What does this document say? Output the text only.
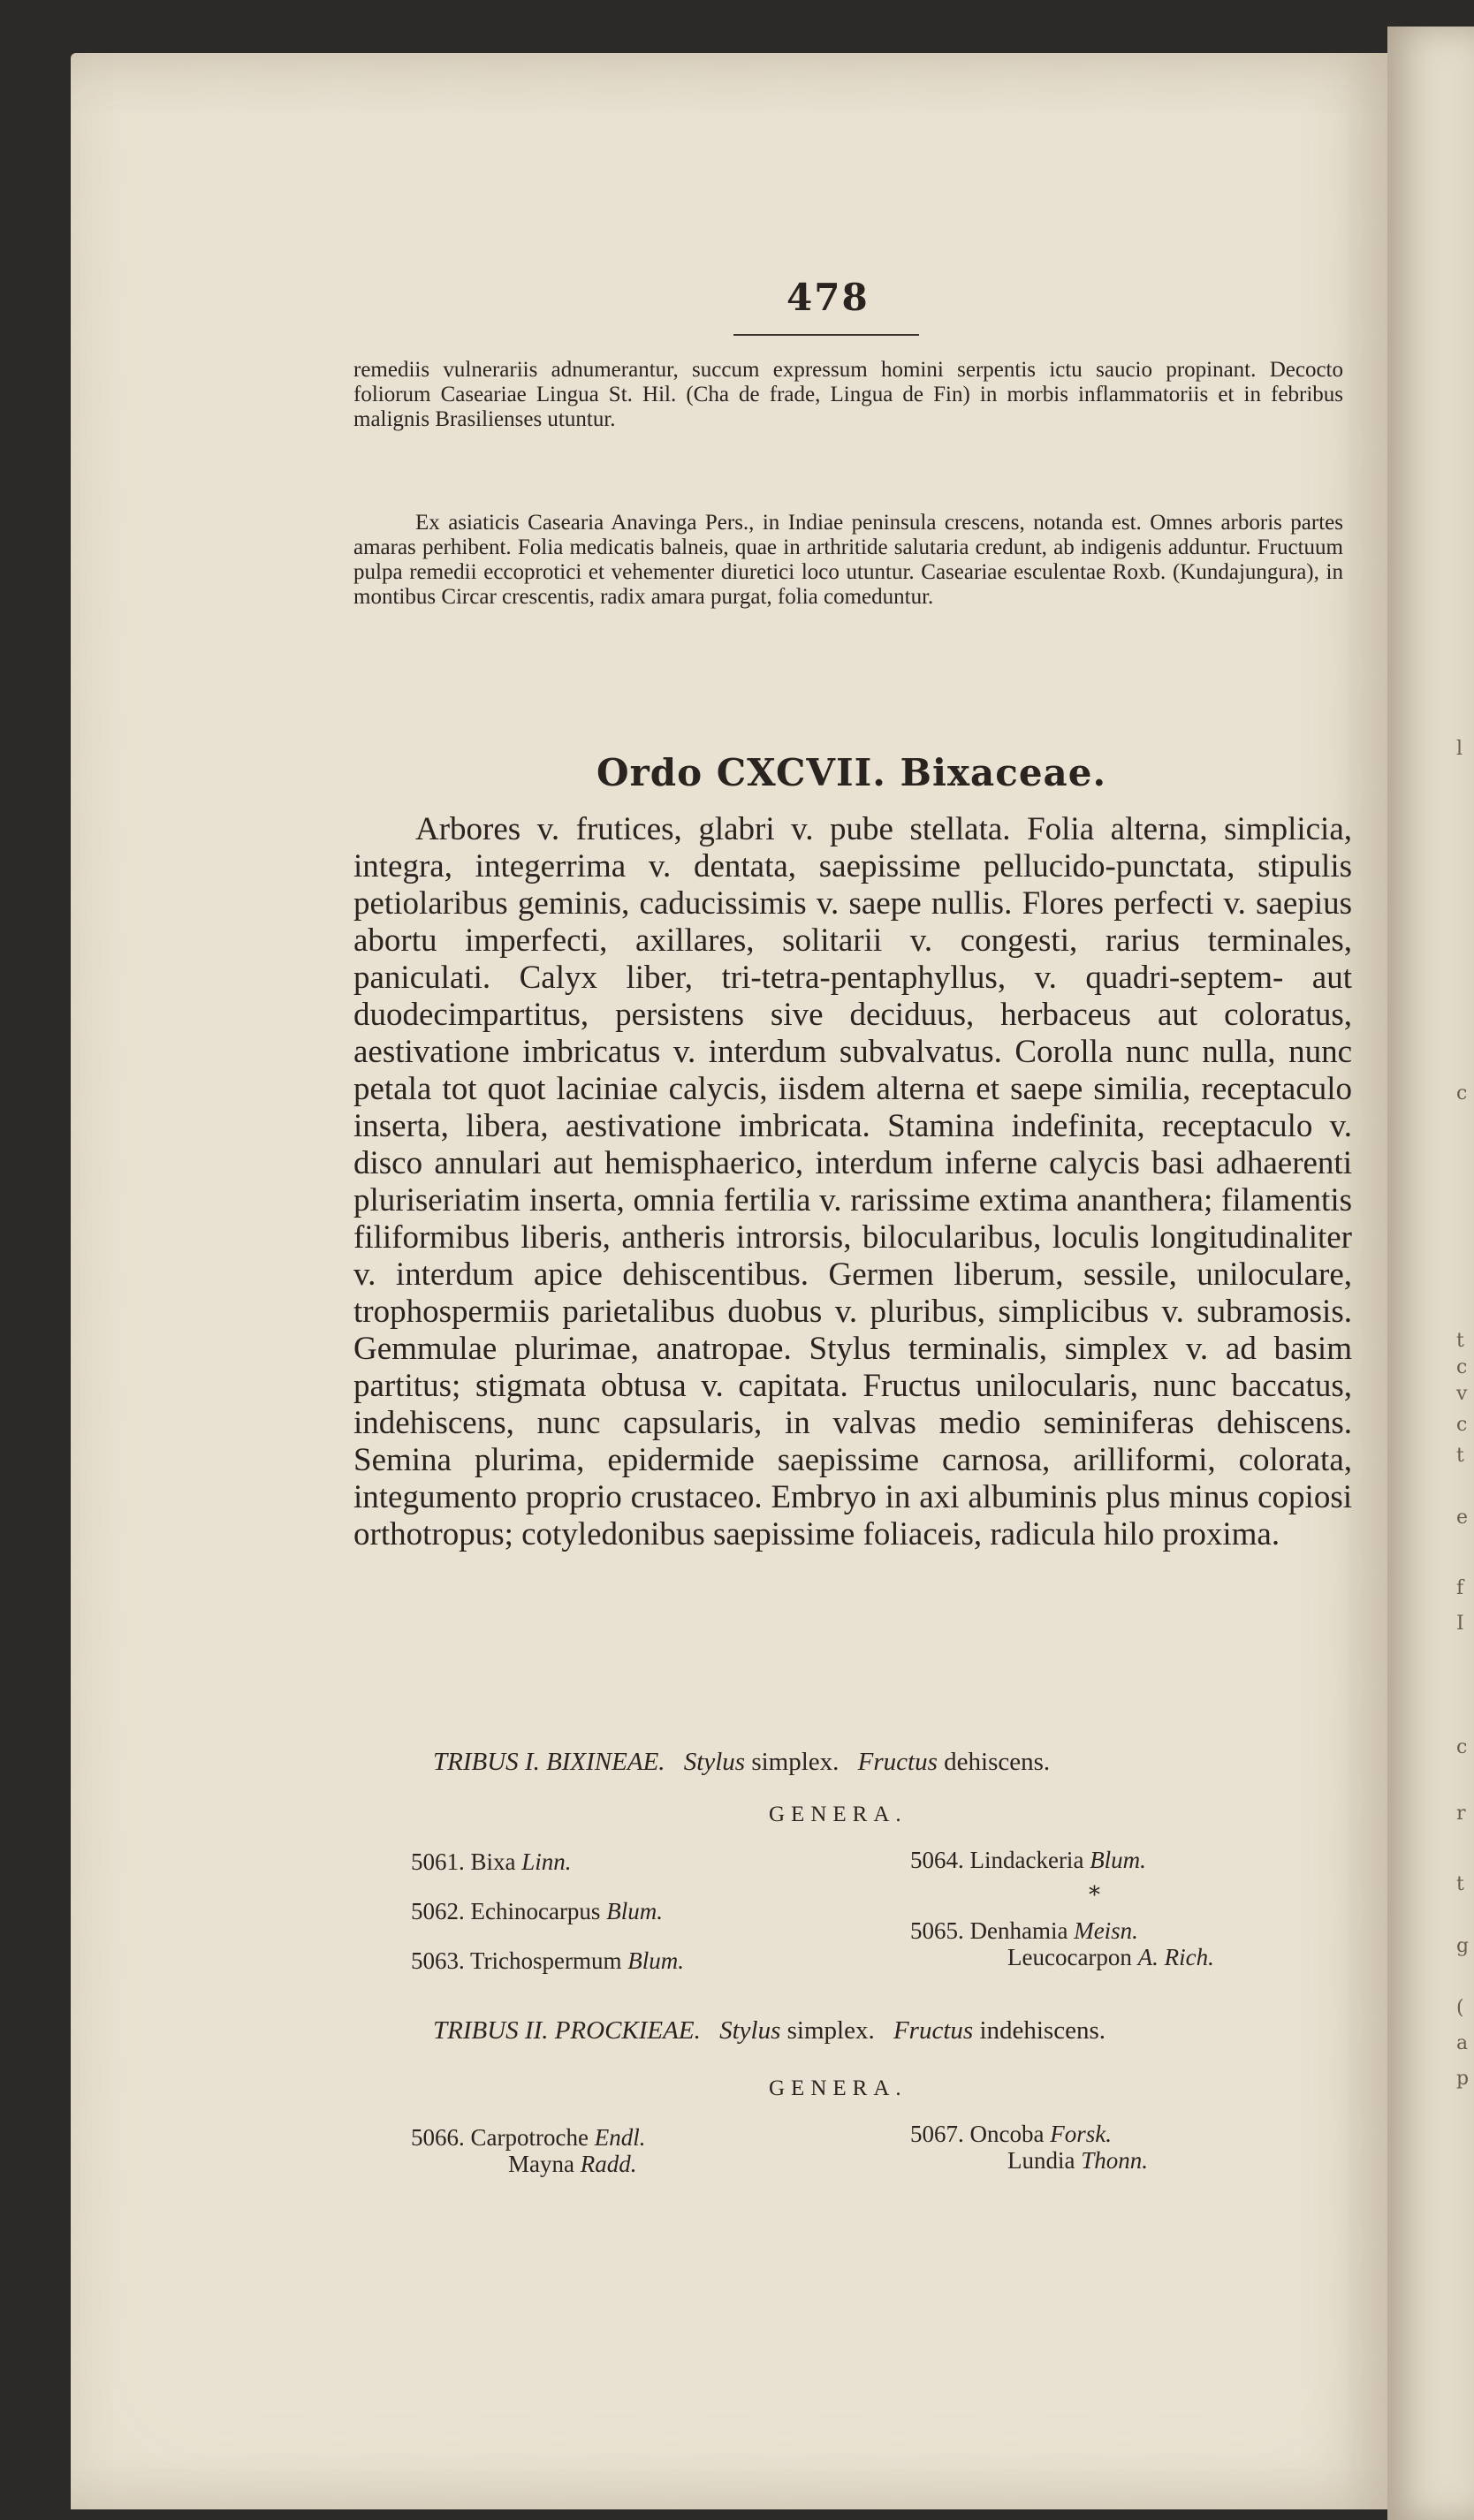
l
c
t
c
v
c
t
e
f
I
c
r
t
g
(
a
p
478

remediis vulnerariis adnumerantur, succum expressum homini serpentis ictu saucio propinant. Decocto foliorum Caseariae Lingua St. Hil. (Cha de frade, Lingua de Fin) in morbis inflammatoriis et in febribus malignis Brasilienses utuntur.

Ex asiaticis Casearia Anavinga Pers., in Indiae peninsula crescens, notanda est. Omnes arboris partes amaras perhibent. Folia medicatis balneis, quae in arthritide salutaria credunt, ab indigenis adduntur. Fructuum pulpa remedii eccoprotici et vehementer diuretici loco utuntur. Caseariae esculentae Roxb. (Kundajungura), in montibus Circar crescentis, radix amara purgat, folia comeduntur.

Ordo CXCVII. Bixaceae.

Arbores v. frutices, glabri v. pube stellata. Folia alterna, simplicia, integra, integerrima v. dentata, saepissime pellucido-punctata, stipulis petiolaribus geminis, caducissimis v. saepe nullis. Flores perfecti v. saepius abortu imperfecti, axillares, solitarii v. congesti, rarius terminales, paniculati. Calyx liber, tri-tetra-pentaphyllus, v. quadri-septem- aut duodecimpartitus, persistens sive deciduus, herbaceus aut coloratus, aestivatione imbricatus v. interdum subvalvatus. Corolla nunc nulla, nunc petala tot quot laciniae calycis, iisdem alterna et saepe similia, receptaculo inserta, libera, aestivatione imbricata. Stamina indefinita, receptaculo v. disco annulari aut hemisphaerico, interdum inferne calycis basi adhaerenti pluriseriatim inserta, omnia fertilia v. rarissime extima anantherа; filamentis filiformibus liberis, antheris introrsis, bilocularibus, loculis longitudinaliter v. interdum apice dehiscentibus. Germen liberum, sessile, uniloculare, trophospermiis parietalibus duobus v. pluribus, simplicibus v. subramosis. Gemmulae plurimae, anatropae. Stylus terminalis, simplex v. ad basim partitus; stigmata obtusa v. capitata. Fructus unilocularis, nunc baccatus, indehiscens, nunc capsularis, in valvas medio seminiferas dehiscens. Semina plurima, epidermide saepissime carnosa, arilliformi, colorata, integumento proprio crustaceo. Embryo in axi albuminis plus minus copiosi orthotropus; cotyledonibus saepissime foliaceis, radicula hilo proxima.

TRIBUS I. BIXINEAE. Stylus simplex. Fructus dehiscens.
GENERA.
5061. Bixa Linn.
5062. Echinocarpus Blum.
5063. Trichospermum Blum.
5064. Lindackeria Blum.
*
5065. Denhamia Meisn.
Leucocarpon A. Rich.
TRIBUS II. PROCKIEAE. Stylus simplex. Fructus indehiscens.
GENERA.
5066. Carpotroche Endl.
Mayna Radd.
5067. Oncoba Forsk.
Lundia Thonn.
